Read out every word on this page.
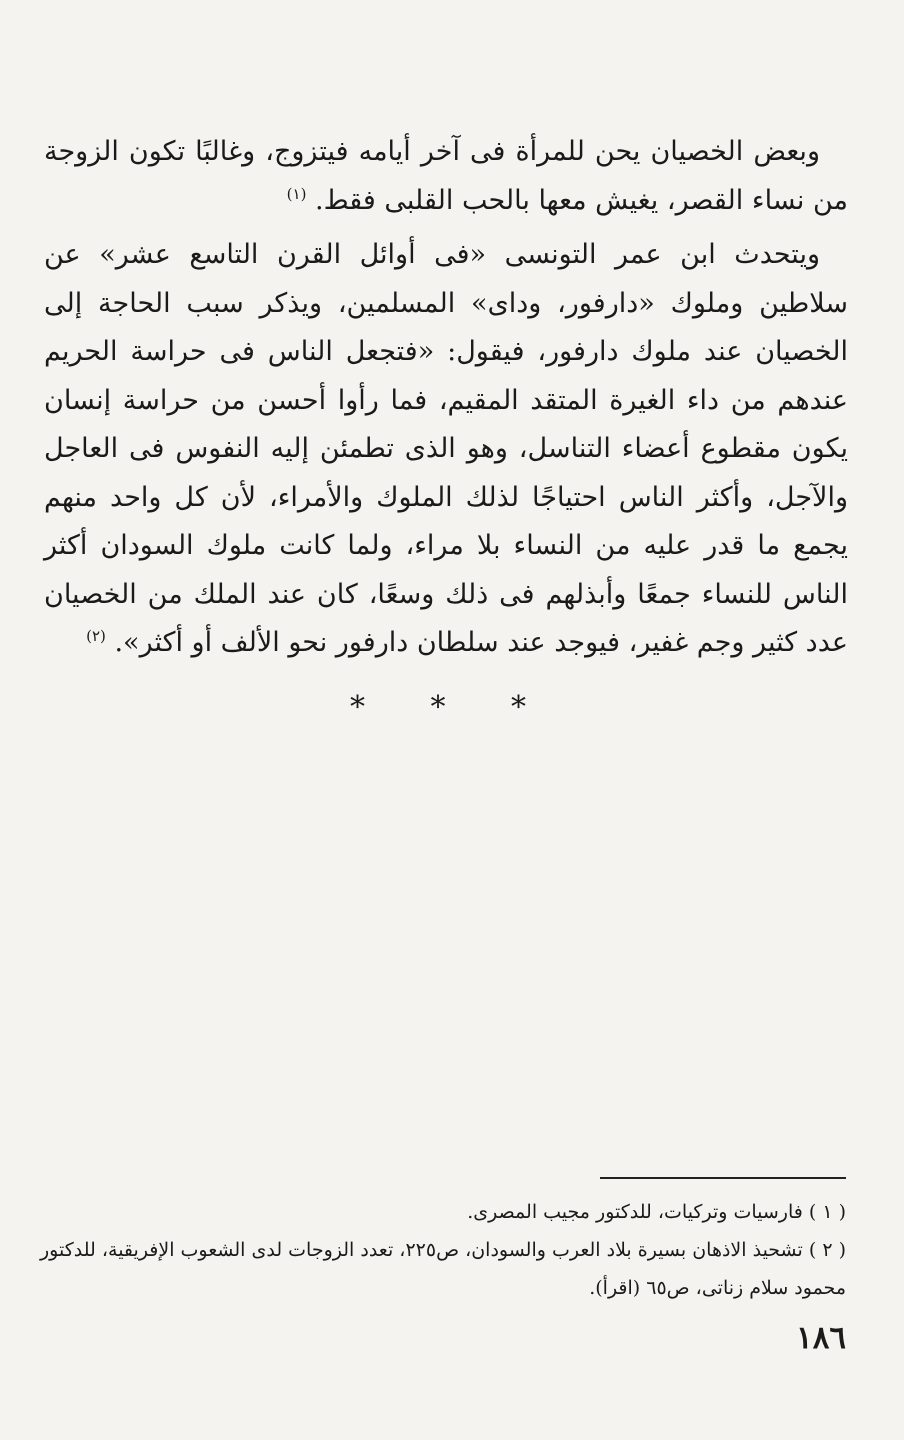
وبعض الخصيان يحن للمرأة فى آخر أيامه فيتزوج، وغالبًا تكون الزوجة من نساء القصر، يغيش معها بالحب القلبى فقط. $^{(١)}$

ويتحدث ابن عمر التونسى «فى أوائل القرن التاسع عشر» عن سلاطين وملوك «دارفور، وداى» المسلمين، ويذكر سبب الحاجة إلى الخصيان عند ملوك دارفور، فيقول: «فتجعل الناس فى حراسة الحريم عندهم من داء الغيرة المتقد المقيم، فما رأوا أحسن من حراسة إنسان يكون مقطوع أعضاء التناسل، وهو الذى تطمئن إليه النفوس فى العاجل والآجل، وأكثر الناس احتياجًا لذلك الملوك والأمراء، لأن كل واحد منهم يجمع ما قدر عليه من النساء بلا مراء، ولما كانت ملوك السودان أكثر الناس للنساء جمعًا وأبذلهم فى ذلك وسعًا، كان عند الملك من الخصيان عدد كثير وجم غفير، فيوجد عند سلطان دارفور نحو الألف أو أكثر». $^{(٢)}$

* * *

( ١ ) فارسيات وتركيات، للدكتور مجيب المصرى.

( ٢ ) تشحيذ الاذهان بسيرة بلاد العرب والسودان، ص٢٢٥، تعدد الزوجات لدى الشعوب الإفريقية، للدكتور محمود سلام زناتى، ص٦٥ (اقرأ).

١٨٦
